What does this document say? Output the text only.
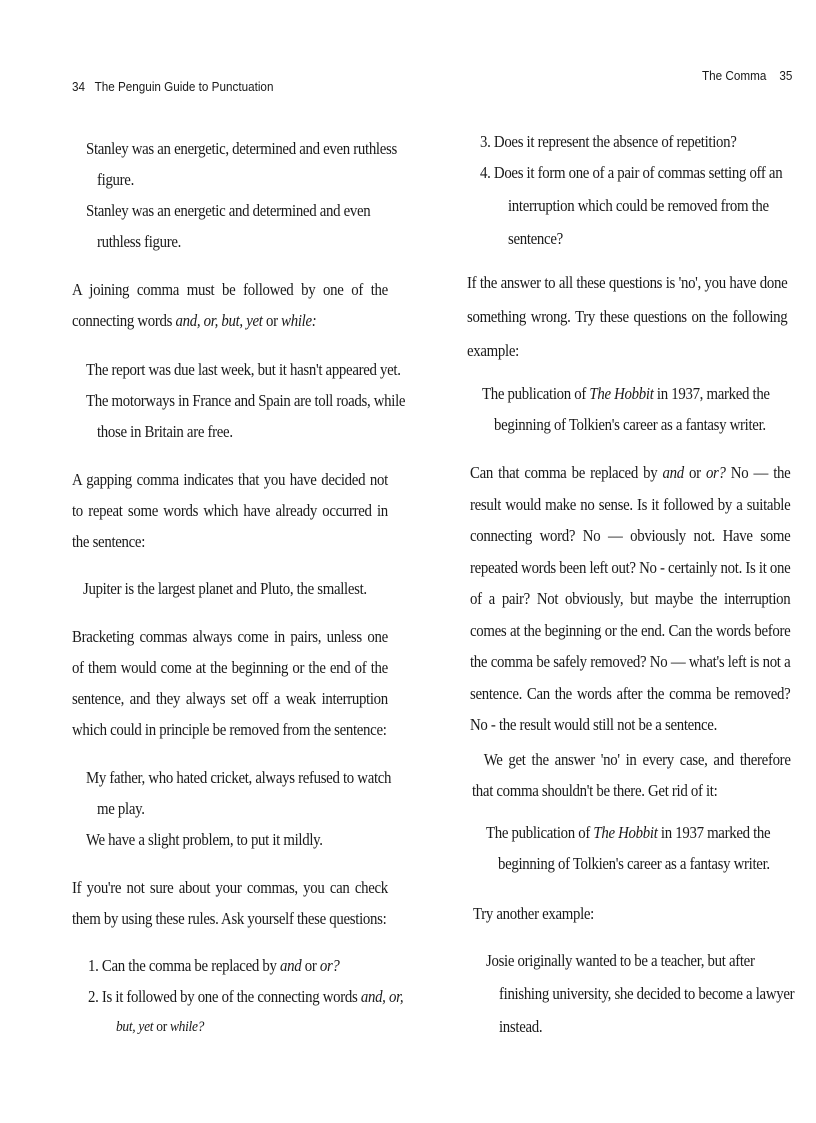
34 The Penguin Guide to Punctuation
The Comma 35
Stanley was an energetic, determined and even ruthless
figure.
Stanley was an energetic and determined and even
ruthless figure.
A joining comma must be followed by one of the connecting words and, or, but, yet or while:
The report was due last week, but it hasn't appeared yet.
The motorways in France and Spain are toll roads, while
those in Britain are free.
A gapping comma indicates that you have decided not to repeat some words which have already occurred in the sentence:
Jupiter is the largest planet and Pluto, the smallest.
Bracketing commas always come in pairs, unless one of them would come at the beginning or the end of the sentence, and they always set off a weak interruption which could in principle be removed from the sentence:
My father, who hated cricket, always refused to watch
me play.
We have a slight problem, to put it mildly.
If you're not sure about your commas, you can check them by using these rules. Ask yourself these questions:
1. Can the comma be replaced by and or or?
2. Is it followed by one of the connecting words and, or,
but, yet or while?
3. Does it represent the absence of repetition?
4. Does it form one of a pair of commas setting off an
interruption which could be removed from the
sentence?
If the answer to all these questions is 'no', you have done something wrong. Try these questions on the following example:
The publication of The Hobbit in 1937, marked the
beginning of Tolkien's career as a fantasy writer.
Can that comma be replaced by and or or? No — the result would make no sense. Is it followed by a suitable connecting word? No — obviously not. Have some repeated words been left out? No - certainly not. Is it one of a pair? Not obviously, but maybe the interruption comes at the beginning or the end. Can the words before the comma be safely removed? No — what's left is not a sentence. Can the words after the comma be removed? No - the result would still not be a sentence.
We get the answer 'no' in every case, and therefore that comma shouldn't be there. Get rid of it:
The publication of The Hobbit in 1937 marked the
beginning of Tolkien's career as a fantasy writer.
Try another example:
Josie originally wanted to be a teacher, but after
finishing university, she decided to become a lawyer
instead.
